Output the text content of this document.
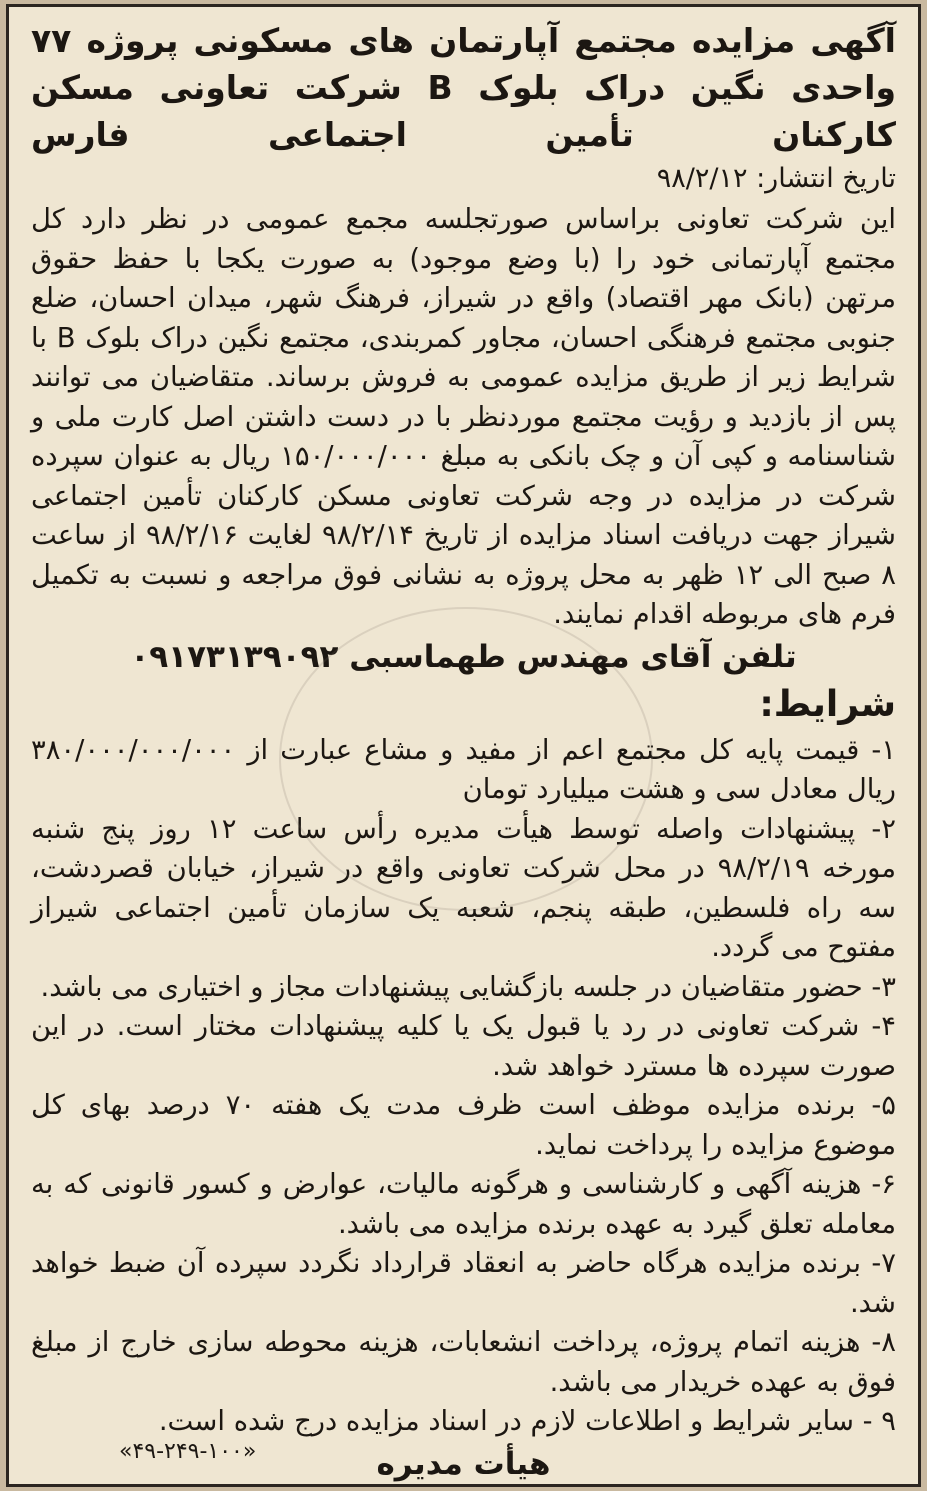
آگهی مزایده مجتمع آپارتمان های مسکونی پروژه ۷۷ واحدی نگین دراک بلوک B شرکت تعاونی مسکن کارکنان تأمین اجتماعی فارس

تاریخ انتشار: ۹۸/۲/۱۲

این شرکت تعاونی براساس صورتجلسه مجمع عمومی در نظر دارد کل مجتمع آپارتمانی خود را (با وضع موجود) به صورت یکجا با حفظ حقوق مرتهن (بانک مهر اقتصاد) واقع در شیراز، فرهنگ شهر، میدان احسان، ضلع جنوبی مجتمع فرهنگی احسان، مجاور کمربندی، مجتمع نگین دراک بلوک B با شرایط زیر از طریق مزایده عمومی به فروش برساند. متقاضیان می توانند پس از بازدید و رؤیت مجتمع موردنظر با در دست داشتن اصل کارت ملی و شناسنامه و کپی آن و چک بانکی به مبلغ ۱۵۰/۰۰۰/۰۰۰ ریال به عنوان سپرده شرکت در مزایده در وجه شرکت تعاونی مسکن کارکنان تأمین اجتماعی شیراز جهت دریافت اسناد مزایده از تاریخ ۹۸/۲/۱۴ لغایت ۹۸/۲/۱۶ از ساعت ۸ صبح الی ۱۲ ظهر به محل پروژه به نشانی فوق مراجعه و نسبت به تکمیل فرم های مربوطه اقدام نمایند.

تلفن آقای مهندس طهماسبی ۰۹۱۷۳۱۳۹۰۹۲

شرایط:

۱- قیمت پایه کل مجتمع اعم از مفید و مشاع عبارت از ۳۸۰/۰۰۰/۰۰۰/۰۰۰ ریال معادل سی و هشت میلیارد تومان

۲- پیشنهادات واصله توسط هیأت مدیره رأس ساعت ۱۲ روز پنج شنبه مورخه ۹۸/۲/۱۹ در محل شرکت تعاونی واقع در شیراز، خیابان قصردشت، سه راه فلسطین، طبقه پنجم، شعبه یک سازمان تأمین اجتماعی شیراز مفتوح می گردد.

۳- حضور متقاضیان در جلسه بازگشایی پیشنهادات مجاز و اختیاری می باشد.

۴- شرکت تعاونی در رد یا قبول یک یا کلیه پیشنهادات مختار است. در این صورت سپرده ها مسترد خواهد شد.

۵- برنده مزایده موظف است ظرف مدت یک هفته ۷۰ درصد بهای کل موضوع مزایده را پرداخت نماید.

۶- هزینه آگهی و کارشناسی و هرگونه مالیات، عوارض و کسور قانونی که به معامله تعلق گیرد به عهده برنده مزایده می باشد.

۷- برنده مزایده هرگاه حاضر به انعقاد قرارداد نگردد سپرده آن ضبط خواهد شد.

۸- هزینه اتمام پروژه، پرداخت انشعابات، هزینه محوطه سازی خارج از مبلغ فوق به عهده خریدار می باشد.

۹ - سایر شرایط و اطلاعات لازم در اسناد مزایده درج شده است.

هیأت مدیره

«۴۹-۲۴۹-۱۰۰»
